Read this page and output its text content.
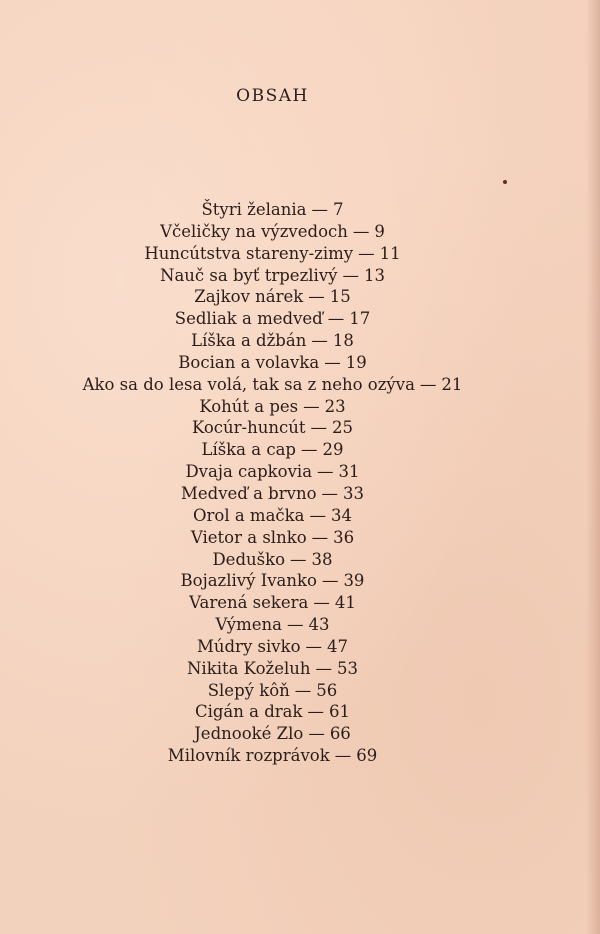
OBSAH
Štyri želania — 7
Včeličky na výzvedoch — 9
Huncútstva stareny-zimy — 11
Nauč sa byť trpezlivý — 13
Zajkov nárek — 15
Sedliak a medveď — 17
Líška a džbán — 18
Bocian a volavka — 19
Ako sa do lesa volá, tak sa z neho ozýva — 21
Kohút a pes — 23
Kocúr-huncút — 25
Líška a cap — 29
Dvaja capkovia — 31
Medveď a brvno — 33
Orol a mačka — 34
Vietor a slnko — 36
Deduško — 38
Bojazlivý Ivanko — 39
Varená sekera — 41
Výmena — 43
Múdry sivko — 47
Nikita Koželuh — 53
Slepý kôň — 56
Cigán a drak — 61
Jednooké Zlo — 66
Milovník rozprávok — 69
